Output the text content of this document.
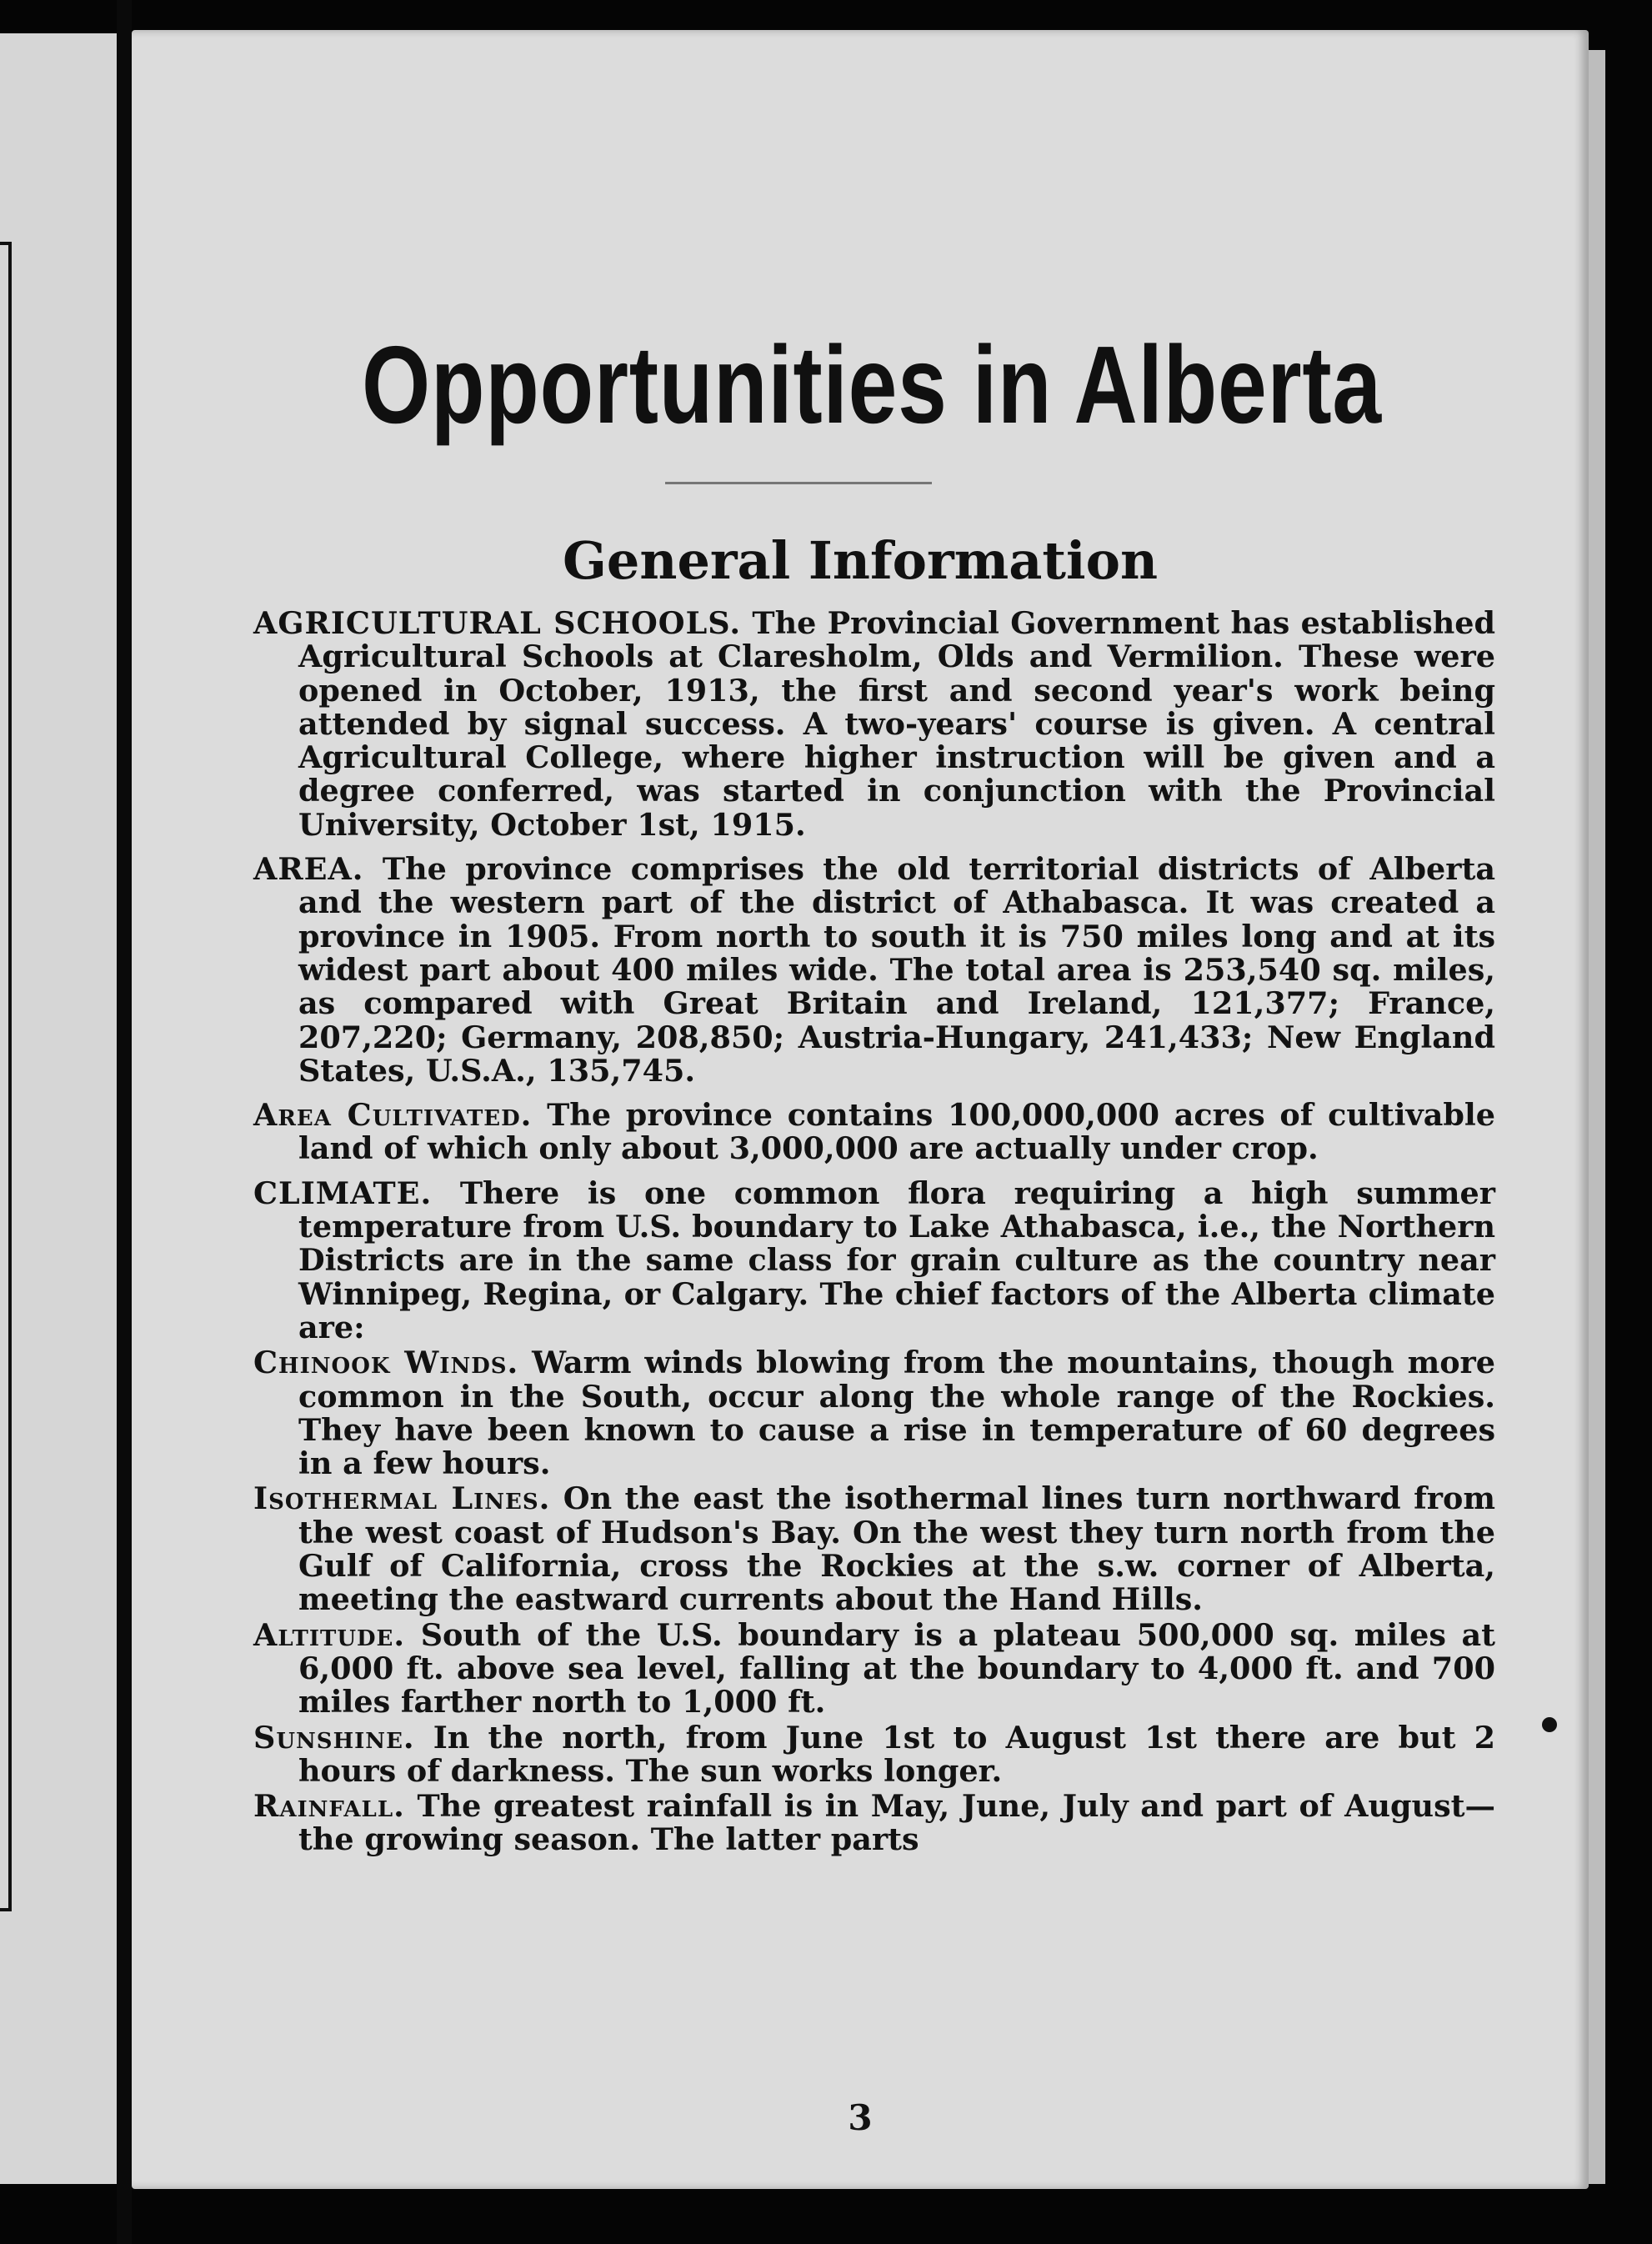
Opportunities in Alberta
General Information

AGRICULTURAL SCHOOLS. The Provincial Government has established Agricultural Schools at Claresholm, Olds and Vermilion. These were opened in October, 1913, the first and second year's work being attended by signal success. A two-years' course is given. A central Agricultural College, where higher instruction will be given and a degree conferred, was started in conjunction with the Provincial University, October 1st, 1915.

AREA. The province comprises the old territorial districts of Alberta and the western part of the district of Athabasca. It was created a province in 1905. From north to south it is 750 miles long and at its widest part about 400 miles wide. The total area is 253,540 sq. miles, as compared with Great Britain and Ireland, 121,377; France, 207,220; Germany, 208,850; Austria-Hungary, 241,433; New England States, U.S.A., 135,745.

Area Cultivated. The province contains 100,000,000 acres of cultivable land of which only about 3,000,000 are actually under crop.

CLIMATE. There is one common flora requiring a high summer temperature from U.S. boundary to Lake Athabasca, i.e., the Northern Districts are in the same class for grain culture as the country near Winnipeg, Regina, or Calgary. The chief factors of the Alberta climate are:

Chinook Winds. Warm winds blowing from the mountains, though more common in the South, occur along the whole range of the Rockies. They have been known to cause a rise in temperature of 60 degrees in a few hours.

Isothermal Lines. On the east the isothermal lines turn northward from the west coast of Hudson's Bay. On the west they turn north from the Gulf of California, cross the Rockies at the s.w. corner of Alberta, meeting the eastward currents about the Hand Hills.

Altitude. South of the U.S. boundary is a plateau 500,000 sq. miles at 6,000 ft. above sea level, falling at the boundary to 4,000 ft. and 700 miles farther north to 1,000 ft.

Sunshine. In the north, from June 1st to August 1st there are but 2 hours of darkness. The sun works longer.

Rainfall. The greatest rainfall is in May, June, July and part of August—the growing season. The latter parts

3
